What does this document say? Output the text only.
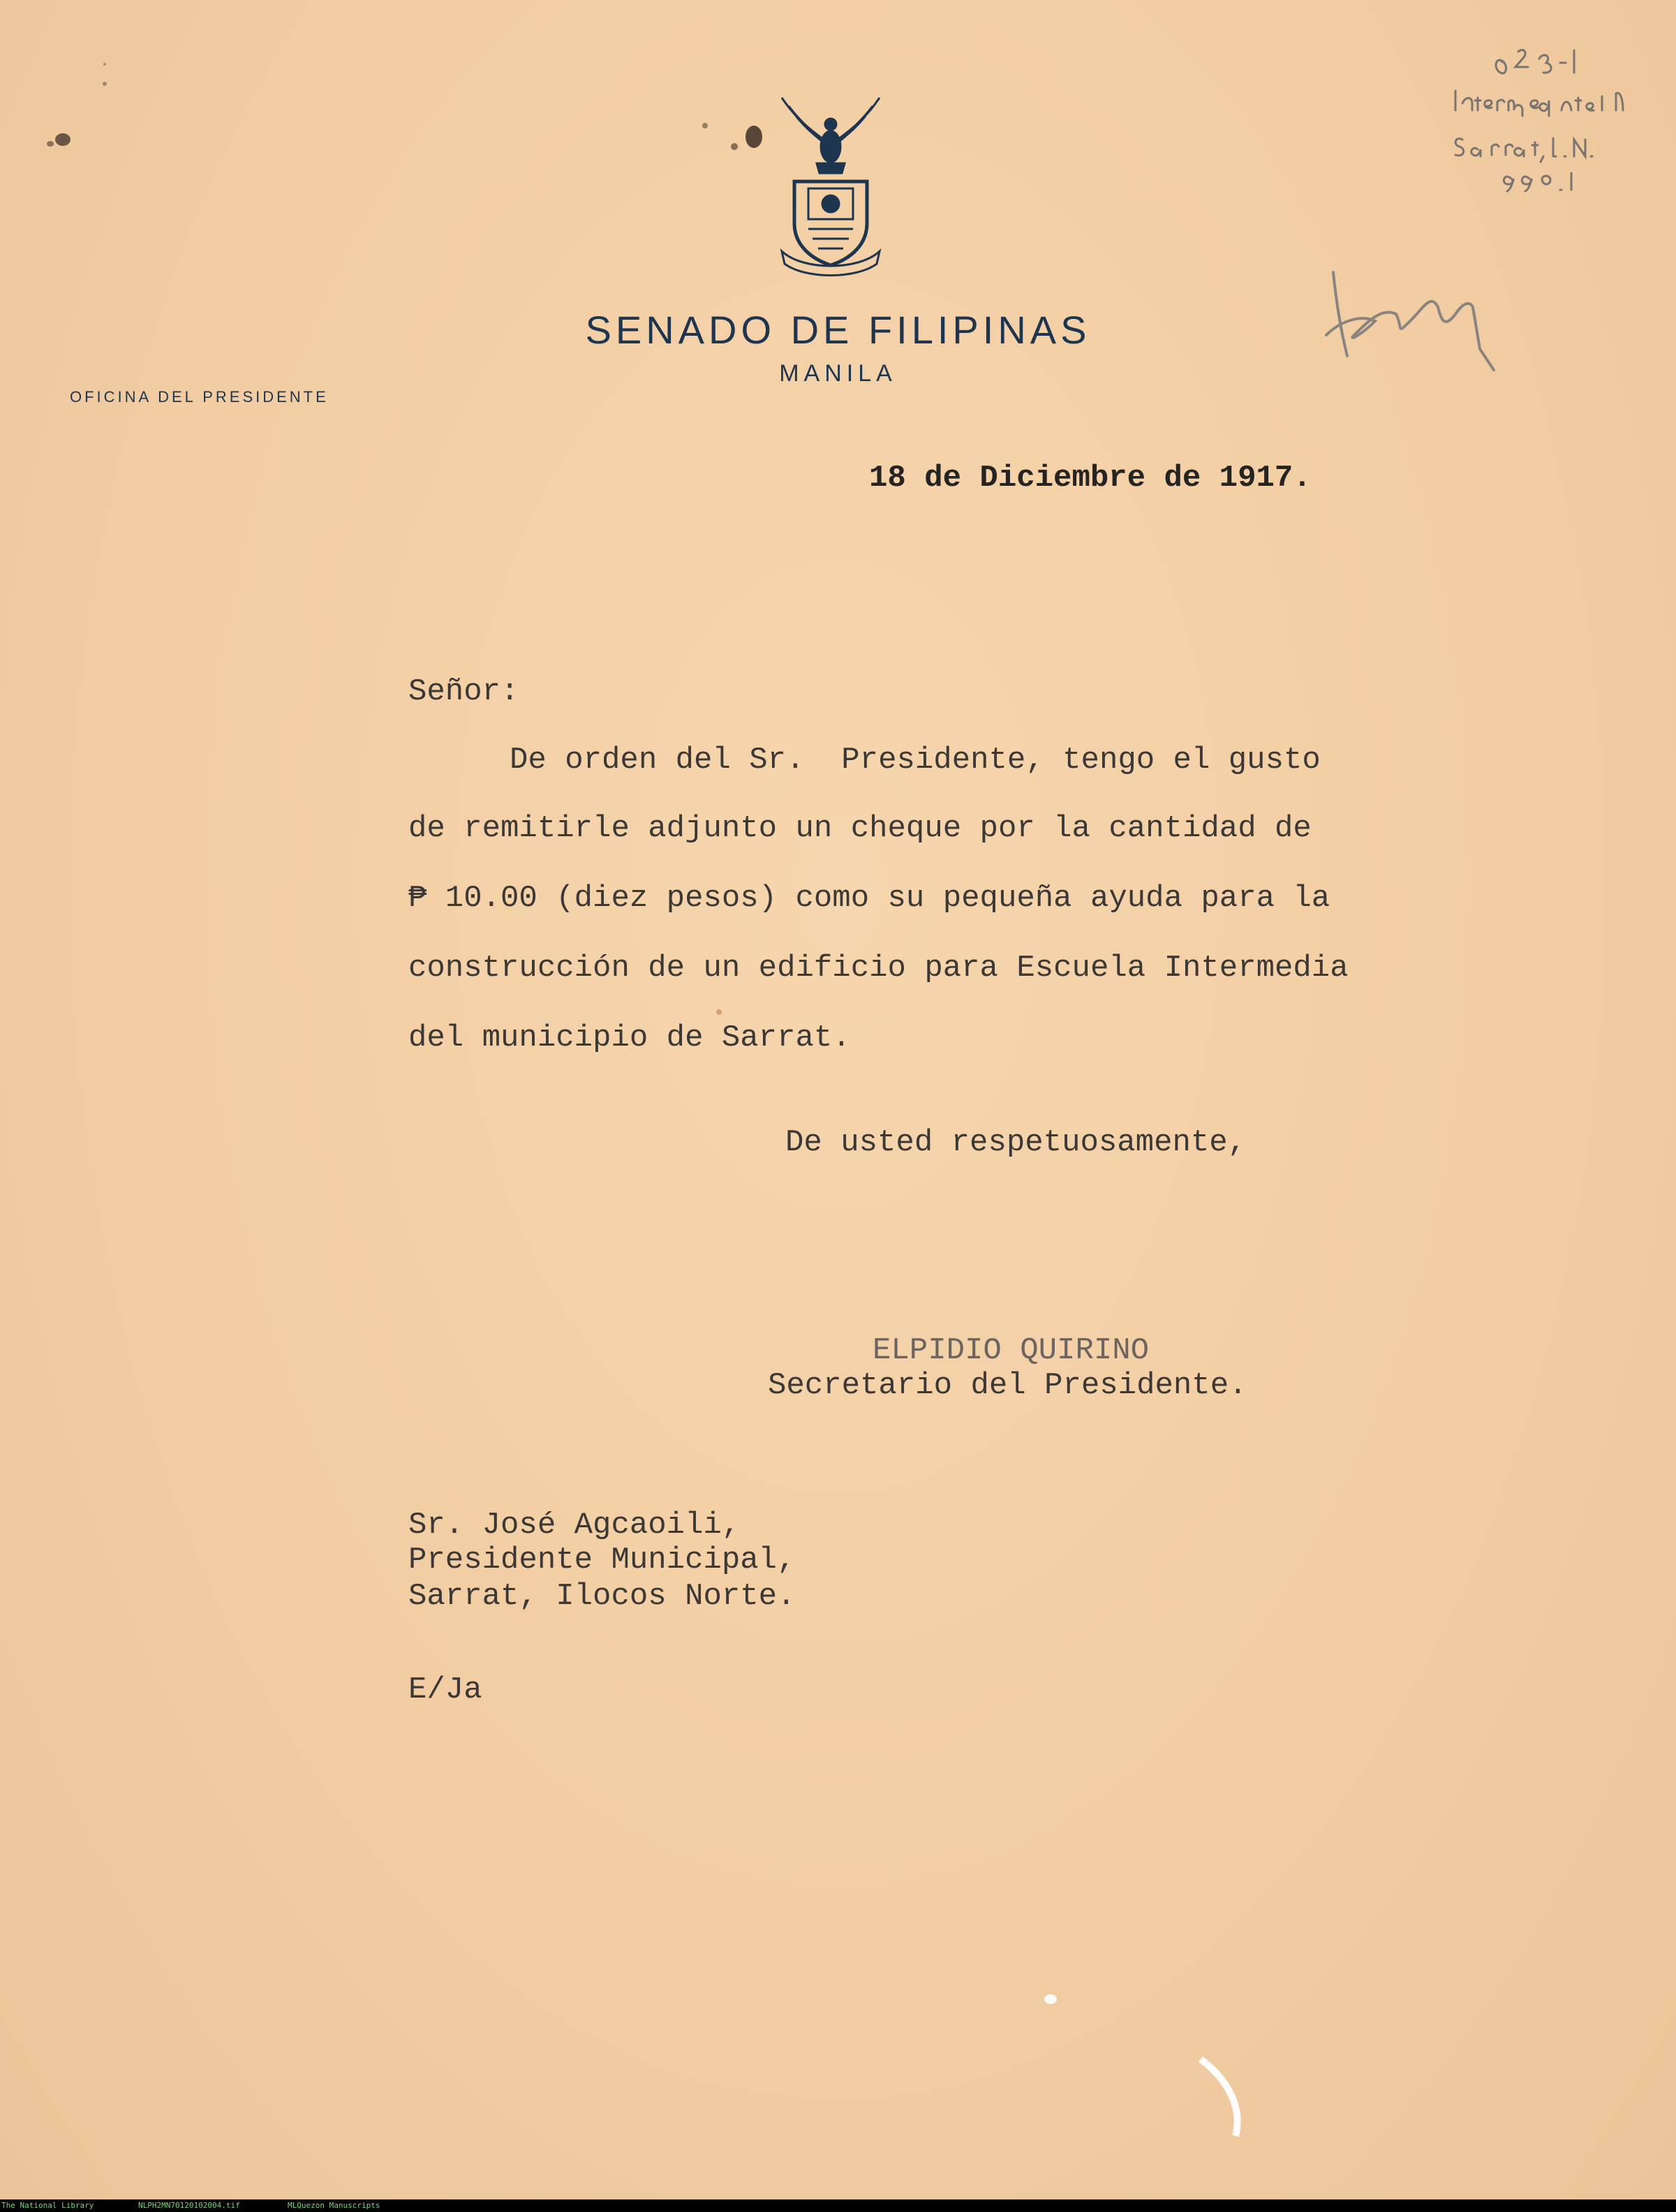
SENADO DE FILIPINAS
MANILA
OFICINA DEL PRESIDENTE
18 de Diciembre de 1917.
Señor:
De orden del Sr.  Presidente, tengo el gusto
de remitirle adjunto un cheque por la cantidad de
₱ 10.00 (diez pesos) como su pequeña ayuda para la
construcción de un edificio para Escuela Intermedia
del municipio de Sarrat.
De usted respetuosamente,
ELPIDIO QUIRINO
Secretario del Presidente.
Sr. José Agcaoili,
Presidente Municipal,
Sarrat, Ilocos Norte.
E/Ja
The National Library	NLPH2MN70120102004.tif	MLQuezon Manuscripts
